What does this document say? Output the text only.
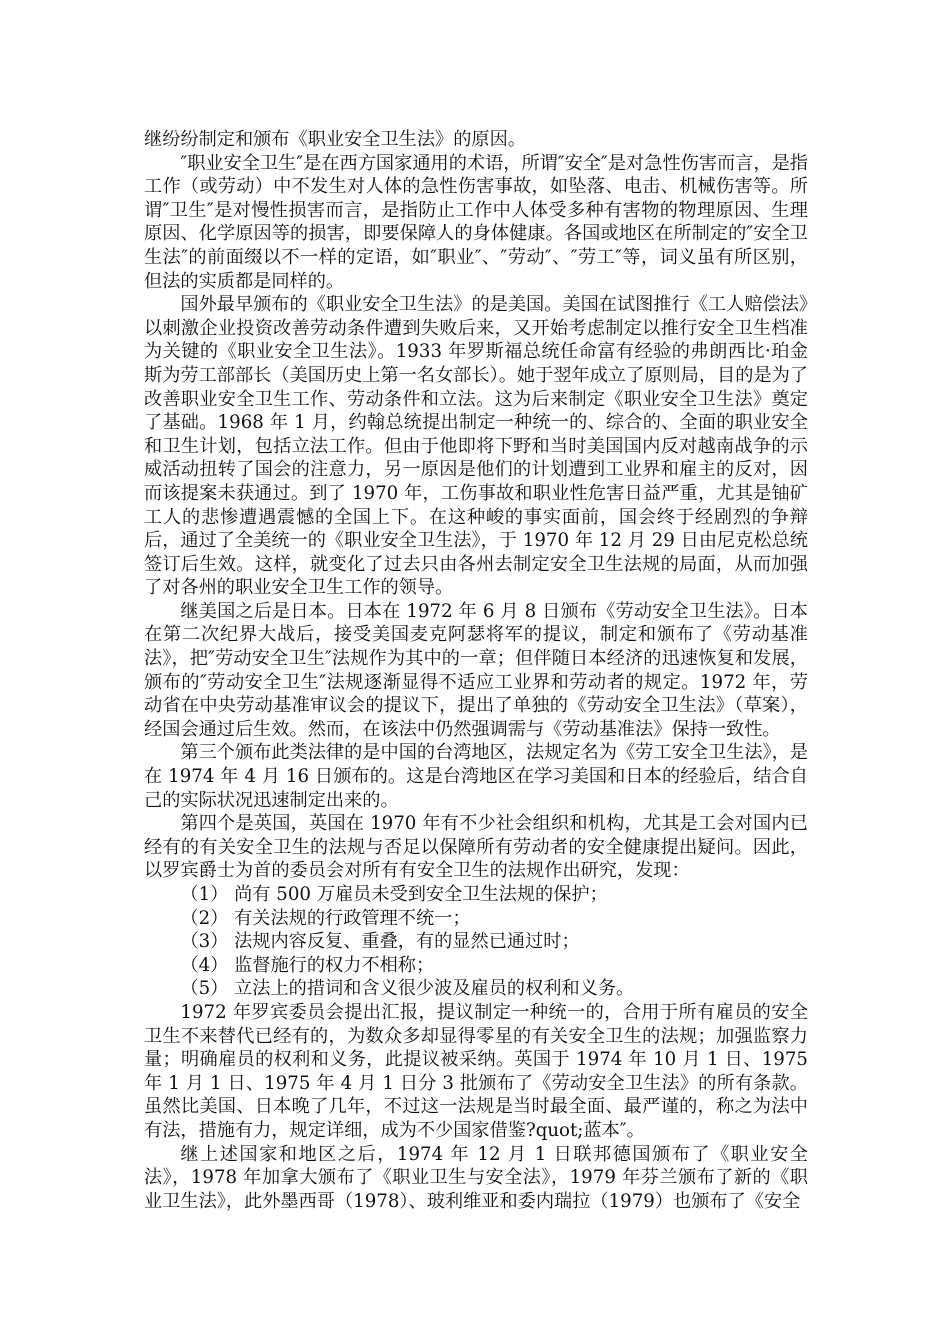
继纷纷制定和颁布《职业安全卫生法》的原因。

″职业安全卫生″是在西方国家通用的术语，所谓″安全″是对急性伤害而言，是指工作（或劳动）中不发生对人体的急性伤害事故，如坠落、电击、机械伤害等。所谓″卫生″是对慢性损害而言，是指防止工作中人体受多种有害物的物理原因、生理原因、化学原因等的损害，即要保障人的身体健康。各国或地区在所制定的″安全卫生法″的前面缀以不一样的定语，如″职业″、″劳动″、″劳工″等，词义虽有所区别，但法的实质都是同样的。

国外最早颁布的《职业安全卫生法》的是美国。美国在试图推行《工人赔偿法》以刺激企业投资改善劳动条件遭到失败后来，又开始考虑制定以推行安全卫生档准为关键的《职业安全卫生法》。1933 年罗斯福总统任命富有经验的弗朗西比·珀金斯为劳工部部长（美国历史上第一名女部长）。她于翌年成立了原则局，目的是为了改善职业安全卫生工作、劳动条件和立法。这为后来制定《职业安全卫生法》奠定了基础。1968 年 1 月，约翰总统提出制定一种统一的、综合的、全面的职业安全和卫生计划，包括立法工作。但由于他即将下野和当时美国国内反对越南战争的示威活动扭转了国会的注意力，另一原因是他们的计划遭到工业界和雇主的反对，因而该提案未获通过。到了 1970 年，工伤事故和职业性危害日益严重，尤其是铀矿工人的悲惨遭遇震憾的全国上下。在这种峻的事实面前，国会终于经剧烈的争辩后，通过了全美统一的《职业安全卫生法》，于 1970 年 12 月 29 日由尼克松总统签订后生效。这样，就变化了过去只由各州去制定安全卫生法规的局面，从而加强了对各州的职业安全卫生工作的领导。

继美国之后是日本。日本在 1972 年 6 月 8 日颁布《劳动安全卫生法》。日本在第二次纪界大战后，接受美国麦克阿瑟将军的提议，制定和颁布了《劳动基准法》，把″劳动安全卫生″法规作为其中的一章；但伴随日本经济的迅速恢复和发展，颁布的″劳动安全卫生″法规逐渐显得不适应工业界和劳动者的规定。1972 年，劳动省在中央劳动基准审议会的提议下，提出了单独的《劳动安全卫生法》（草案），经国会通过后生效。然而，在该法中仍然强调需与《劳动基准法》保持一致性。

第三个颁布此类法律的是中国的台湾地区，法规定名为《劳工安全卫生法》，是在 1974 年 4 月 16 日颁布的。这是台湾地区在学习美国和日本的经验后，结合自己的实际状况迅速制定出来的。

第四个是英国，英国在 1970 年有不少社会组织和机构，尤其是工会对国内已经有的有关安全卫生的法规与否足以保障所有劳动者的安全健康提出疑问。因此，以罗宾爵士为首的委员会对所有有安全卫生的法规作出研究，发现：

（1） 尚有 500 万雇员未受到安全卫生法规的保护；

（2） 有关法规的行政管理不统一；

（3） 法规内容反复、重叠，有的显然已通过时；

（4） 监督施行的权力不相称；

（5） 立法上的措词和含义很少波及雇员的权利和义务。

1972 年罗宾委员会提出汇报，提议制定一种统一的，合用于所有雇员的安全卫生不来替代已经有的，为数众多却显得零星的有关安全卫生的法规；加强监察力量；明确雇员的权利和义务，此提议被采纳。英国于 1974 年 10 月 1 日、1975 年 1 月 1 日、1975 年 4 月 1 日分 3 批颁布了《劳动安全卫生法》的所有条款。虽然比美国、日本晚了几年，不过这一法规是当时最全面、最严谨的，称之为法中有法，措施有力，规定详细，成为不少国家借鉴?quot;蓝本″。

继上述国家和地区之后，1974 年 12 月 1 日联邦德国颁布了《职业安全法》，1978 年加拿大颁布了《职业卫生与安全法》，1979 年芬兰颁布了新的《职业卫生法》，此外墨西哥（1978）、玻利维亚和委内瑞拉（1979）也颁布了《安全
